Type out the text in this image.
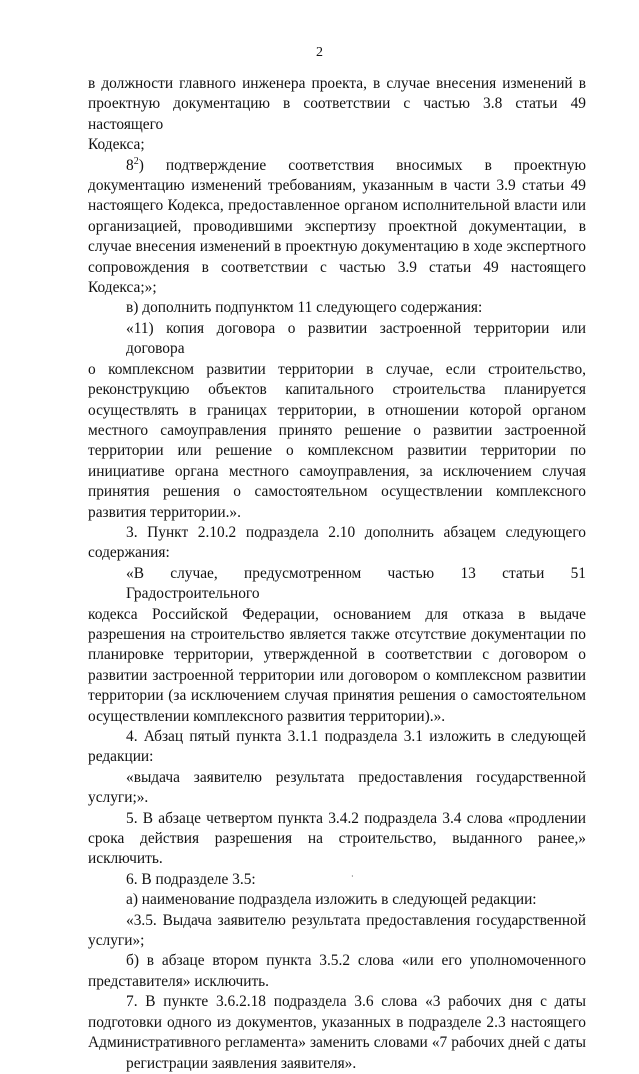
2
в должности главного инженера проекта, в случае внесения изменений в
проектную документацию в соответствии с частью 3.8 статьи 49 настоящего
Кодекса;
$8^2$) подтверждение соответствия вносимых в проектную
документацию изменений требованиям, указанным в части 3.9 статьи 49
настоящего Кодекса, предоставленное органом исполнительной власти или
организацией, проводившими экспертизу проектной документации, в
случае внесения изменений в проектную документацию в ходе экспертного
сопровождения в соответствии с частью 3.9 статьи 49 настоящего
Кодекса;»;
в) дополнить подпунктом 11 следующего содержания:
«11) копия договора о развитии застроенной территории или договора
о комплексном развитии территории в случае, если строительство,
реконструкцию объектов капитального строительства планируется
осуществлять в границах территории, в отношении которой органом
местного самоуправления принято решение о развитии застроенной
территории или решение о комплексном развитии территории по
инициативе органа местного самоуправления, за исключением случая
принятия решения о самостоятельном осуществлении комплексного
развития территории.».
3. Пункт 2.10.2 подраздела 2.10 дополнить абзацем следующего
содержания:
«В случае, предусмотренном частью 13 статьи 51 Градостроительного
кодекса Российской Федерации, основанием для отказа в выдаче
разрешения на строительство является также отсутствие документации по
планировке территории, утвержденной в соответствии с договором о
развитии застроенной территории или договором о комплексном развитии
территории (за исключением случая принятия решения о самостоятельном
осуществлении комплексного развития территории).».
4. Абзац пятый пункта 3.1.1 подраздела 3.1 изложить в следующей
редакции:
«выдача заявителю результата предоставления государственной
услуги;».
5. В абзаце четвертом пункта 3.4.2 подраздела 3.4 слова «продлении
срока действия разрешения на строительство, выданного ранее,»
исключить.
6. В подразделе 3.5:
а) наименование подраздела изложить в следующей редакции:
«3.5. Выдача заявителю результата предоставления государственной
услуги»;
б) в абзаце втором пункта 3.5.2 слова «или его уполномоченного
представителя» исключить.
7. В пункте 3.6.2.18 подраздела 3.6 слова «3 рабочих дня с даты
подготовки одного из документов, указанных в подразделе 2.3 настоящего
Административного регламента» заменить словами «7 рабочих дней с даты
регистрации заявления заявителя».
·
